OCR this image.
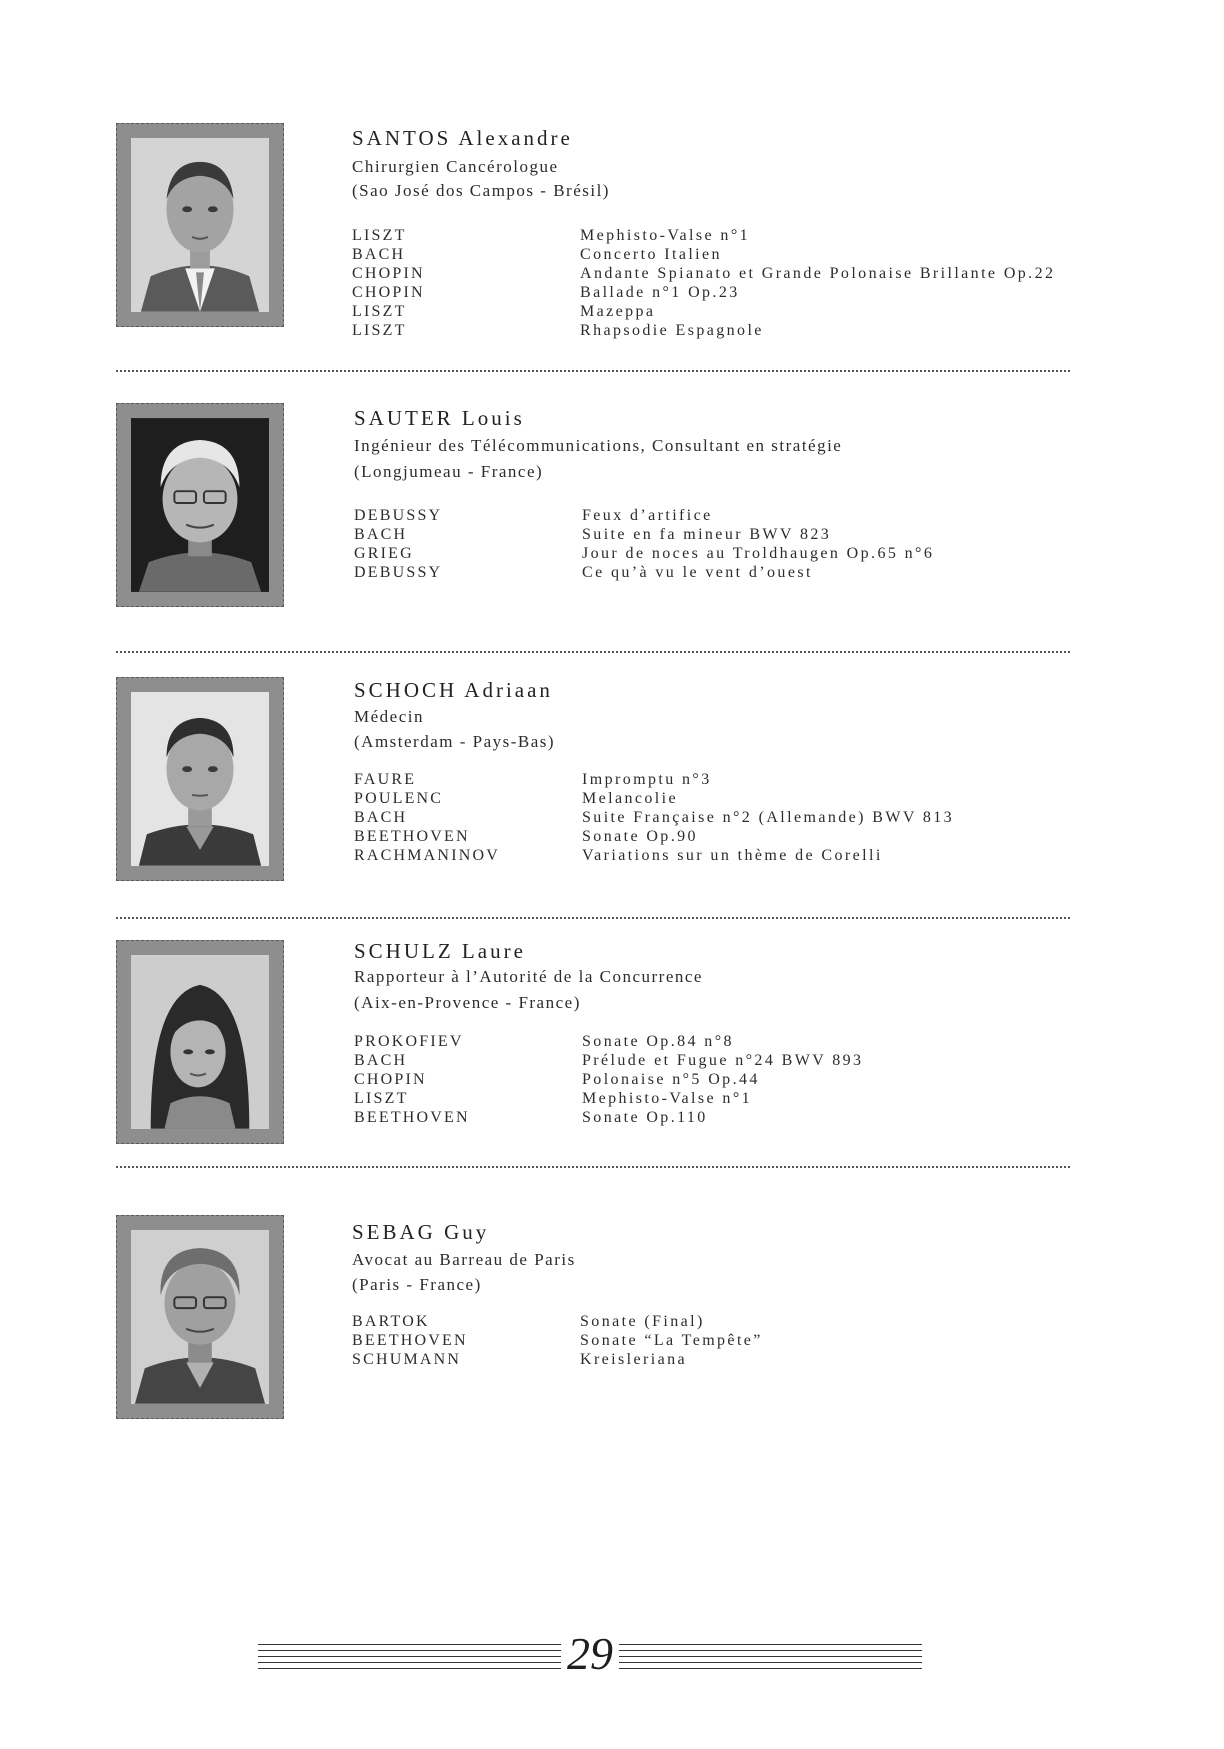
SANTOS Alexandre
Chirurgien Cancérologue
(Sao José dos Campos - Brésil)
LISZT	Mephisto-Valse n°1
BACH	Concerto Italien
CHOPIN	Andante Spianato et Grande Polonaise Brillante Op.22
CHOPIN	Ballade n°1 Op.23
LISZT	Mazeppa
LISZT	Rhapsodie Espagnole
SAUTER Louis
Ingénieur des Télécommunications, Consultant en stratégie
(Longjumeau - France)
DEBUSSY	Feux d’artifice
BACH	Suite en fa mineur BWV 823
GRIEG	Jour de noces au Troldhaugen Op.65 n°6
DEBUSSY	Ce qu’à vu le vent d’ouest
SCHOCH Adriaan
Médecin
(Amsterdam - Pays-Bas)
FAURE	Impromptu n°3
POULENC	Melancolie
BACH	Suite Française n°2 (Allemande) BWV 813
BEETHOVEN	Sonate Op.90
RACHMANINOV	Variations sur un thème de Corelli
SCHULZ Laure
Rapporteur à l’Autorité de la Concurrence
(Aix-en-Provence - France)
PROKOFIEV	Sonate Op.84 n°8
BACH	Prélude et Fugue n°24 BWV 893
CHOPIN	Polonaise n°5 Op.44
LISZT	Mephisto-Valse n°1
BEETHOVEN	Sonate Op.110
SEBAG Guy
Avocat au Barreau de Paris
(Paris - France)
BARTOK	Sonate (Final)
BEETHOVEN	Sonate “La Tempête”
SCHUMANN	Kreisleriana
29
